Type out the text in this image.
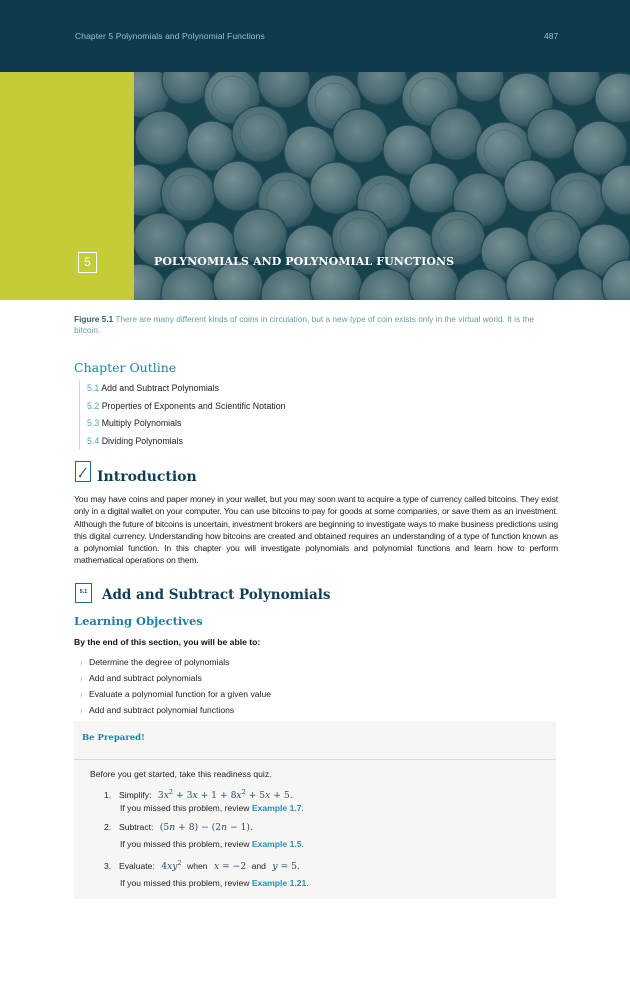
Chapter 5 Polynomials and Polynomial Functions	487
5	POLYNOMIALS AND POLYNOMIAL FUNCTIONS
Figure 5.1 There are many different kinds of coins in circulation, but a new type of coin exists only in the virtual world. It is the bitcoin.
Chapter Outline
5.1 Add and Subtract Polynomials
5.2 Properties of Exponents and Scientific Notation
5.3 Multiply Polynomials
5.4 Dividing Polynomials
Introduction
You may have coins and paper money in your wallet, but you may soon want to acquire a type of currency called bitcoins. They exist only in a digital wallet on your computer. You can use bitcoins to pay for goods at some companies, or save them as an investment. Although the future of bitcoins is uncertain, investment brokers are beginning to investigate ways to make business predictions using this digital currency. Understanding how bitcoins are created and obtained requires an understanding of a type of function known as a polynomial function. In this chapter you will investigate polynomials and polynomial functions and learn how to perform mathematical operations on them.
5.1	Add and Subtract Polynomials
Learning Objectives
By the end of this section, you will be able to:
› Determine the degree of polynomials
› Add and subtract polynomials
› Evaluate a polynomial function for a given value
› Add and subtract polynomial functions
Be Prepared!
Before you get started, take this readiness quiz.
1. Simplify: $3x^2 + 3x + 1 + 8x^2 + 5x + 5$.
If you missed this problem, review Example 1.7.
2. Subtract: (5n + 8) − (2n − 1).
If you missed this problem, review Example 1.5.
3. Evaluate: $4xy^2$ when x = −2 and y = 5.
If you missed this problem, review Example 1.21.
